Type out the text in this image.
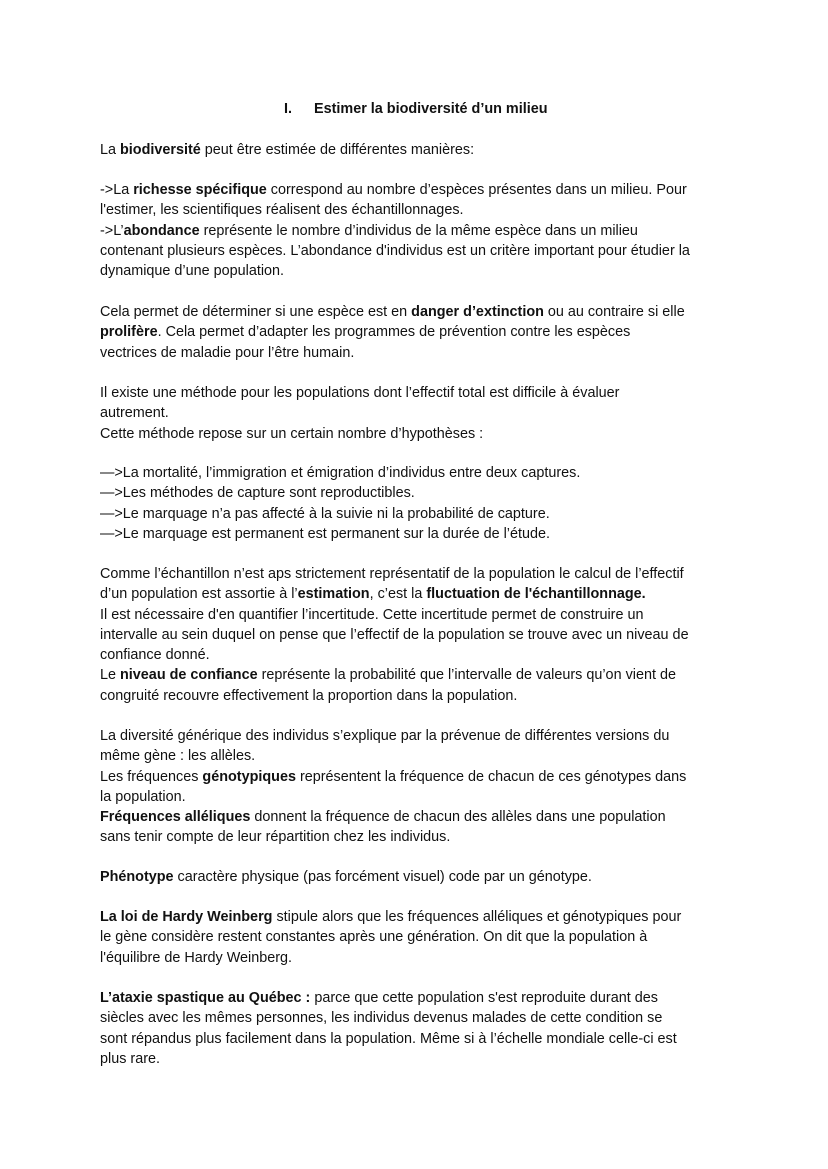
I. Estimer la biodiversité d’un milieu
La biodiversité peut être estimée de différentes manières:
->La richesse spécifique correspond au nombre d’espèces présentes dans un milieu. Pour
l'estimer, les scientifiques réalisent des échantillonnages.
->L’abondance représente le nombre d’individus de la même espèce dans un milieu
contenant plusieurs espèces. L’abondance d'individus est un critère important pour étudier la
dynamique d’une population.
Cela permet de déterminer si une espèce est en danger d’extinction ou au contraire si elle
prolifère. Cela permet d’adapter les programmes de prévention contre les espèces
vectrices de maladie pour l’être humain.
Il existe une méthode pour les populations dont l’effectif total est difficile à évaluer
autrement.
Cette méthode repose sur un certain nombre d’hypothèses :
—>La mortalité, l’immigration et émigration d’individus entre deux captures.
—>Les méthodes de capture sont reproductibles.
—>Le marquage n’a pas affecté à la suivie ni la probabilité de capture.
—>Le marquage est permanent est permanent sur la durée de l’étude.
Comme l’échantillon n’est aps strictement représentatif de la population le calcul de l’effectif
d’un population est assortie à l’estimation, c’est la fluctuation de l'échantillonnage.
Il est nécessaire d'en quantifier l’incertitude. Cette incertitude permet de construire un
intervalle au sein duquel on pense que l’effectif de la population se trouve avec un niveau de
confiance donné.
Le niveau de confiance représente la probabilité que l’intervalle de valeurs qu’on vient de
congruité recouvre effectivement la proportion dans la population.
La diversité générique des individus s’explique par la prévenue de différentes versions du
même gène : les allèles.
Les fréquences génotypiques représentent la fréquence de chacun de ces génotypes dans
la population.
Fréquences alléliques donnent la fréquence de chacun des allèles dans une population
sans tenir compte de leur répartition chez les individus.
Phénotype caractère physique (pas forcément visuel) code par un génotype.
La loi de Hardy Weinberg stipule alors que les fréquences alléliques et génotypiques pour
le gène considère restent constantes après une génération. On dit que la population à
l'équilibre de Hardy Weinberg.
L’ataxie spastique au Québec : parce que cette population s'est reproduite durant des
siècles avec les mêmes personnes, les individus devenus malades de cette condition se
sont répandus plus facilement dans la population. Même si à l’échelle mondiale celle-ci est
plus rare.
